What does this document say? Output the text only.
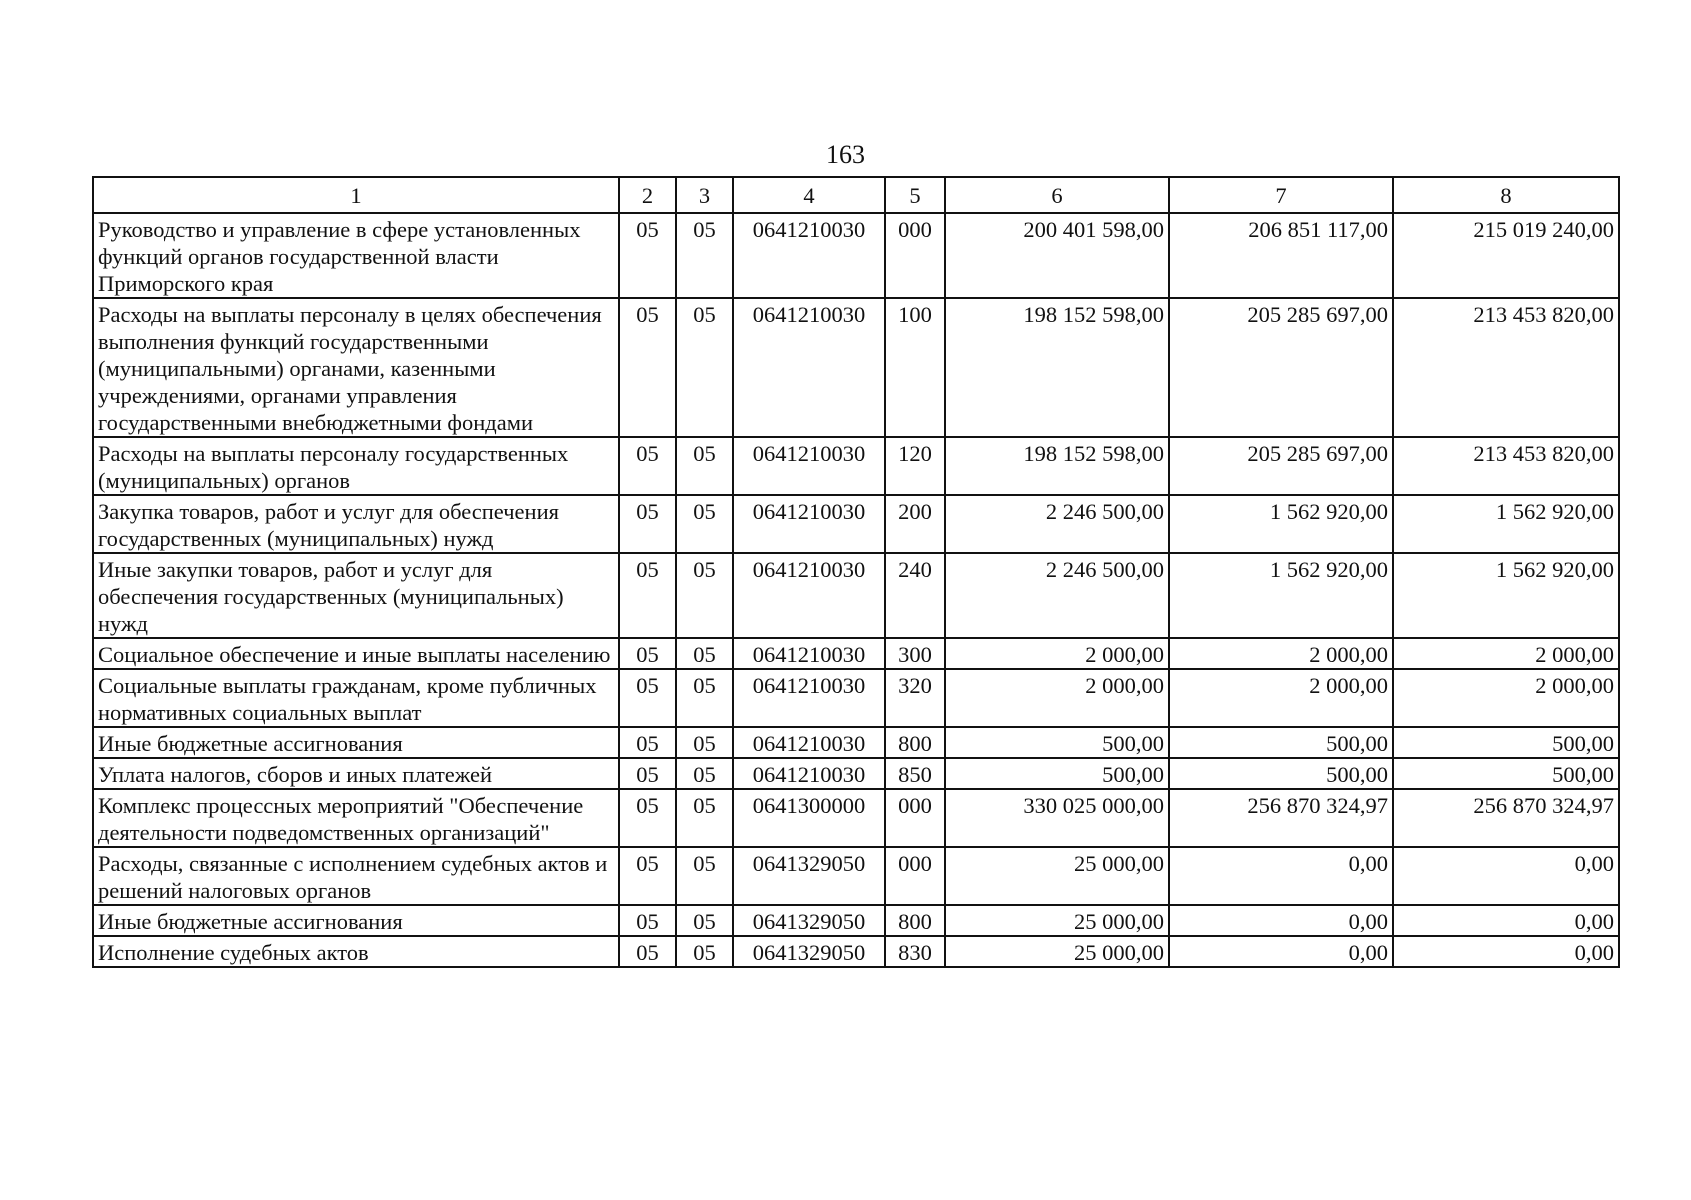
163
1	2	3	4	5	6	7	8
Руководство и управление в сфере установленных функций органов государственной власти Приморского края	05	05	0641210030	000	200 401 598,00	206 851 117,00	215 019 240,00
Расходы на выплаты персоналу в целях обеспечения выполнения функций государственными (муниципальными) органами, казенными учреждениями, органами управления государственными внебюджетными фондами	05	05	0641210030	100	198 152 598,00	205 285 697,00	213 453 820,00
Расходы на выплаты персоналу государственных (муниципальных) органов	05	05	0641210030	120	198 152 598,00	205 285 697,00	213 453 820,00
Закупка товаров, работ и услуг для обеспечения государственных (муниципальных) нужд	05	05	0641210030	200	2 246 500,00	1 562 920,00	1 562 920,00
Иные закупки товаров, работ и услуг для обеспечения государственных (муниципальных) нужд	05	05	0641210030	240	2 246 500,00	1 562 920,00	1 562 920,00
Социальное обеспечение и иные выплаты населению	05	05	0641210030	300	2 000,00	2 000,00	2 000,00
Социальные выплаты гражданам, кроме публичных нормативных социальных выплат	05	05	0641210030	320	2 000,00	2 000,00	2 000,00
Иные бюджетные ассигнования	05	05	0641210030	800	500,00	500,00	500,00
Уплата налогов, сборов и иных платежей	05	05	0641210030	850	500,00	500,00	500,00
Комплекс процессных мероприятий "Обеспечение деятельности подведомственных организаций"	05	05	0641300000	000	330 025 000,00	256 870 324,97	256 870 324,97
Расходы, связанные с исполнением судебных актов и решений налоговых органов	05	05	0641329050	000	25 000,00	0,00	0,00
Иные бюджетные ассигнования	05	05	0641329050	800	25 000,00	0,00	0,00
Исполнение судебных актов	05	05	0641329050	830	25 000,00	0,00	0,00
